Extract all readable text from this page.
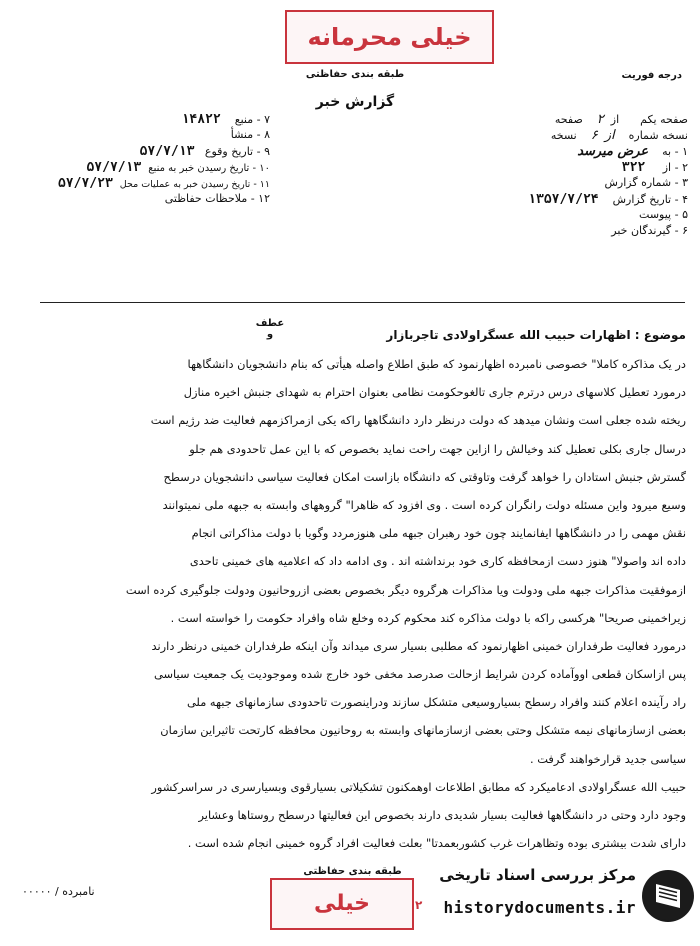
خیلی محرمانه
طبقه بندی حفاظتی	درجه فوریت
گزارش خبر
صفحه یکم      از  ۲    صفحه
نسخه شماره    از  ۶    نسخه
۱ - به    عرض میرسد
۲ - از     ۳۲۲
۳ - شماره گزارش
۴ - تاریخ گزارش    ۱۳۵۷/۷/۲۴
۵ - پیوست
۶ - گیرندگان خبر
۷ - منبع    ۱۴۸۲۲
۸ - منشأ
۹ - تاریخ وقوع   ۵۷/۷/۱۳
۱۰ - تاریخ رسیدن خبر به منبع  ۵۷/۷/۱۳
۱۱ - تاریخ رسیدن خبر به عملیات محل  ۵۷/۷/۲۳
۱۲ - ملاحظات حفاظتی
عطف
و	موضوع : اظهارات حبیب الله عسگراولادی تاجربازار
در یک مذاکره کاملا" خصوصی نامبرده اظهارنمود که طبق اطلاع واصله هیأتی که بنام دانشجویان دانشگاهها
درمورد تعطیل کلاسهای درس درترم جاری تالغوحکومت نظامی بعنوان احترام به شهدای جنبش اخیره منازل
ریخته شده جعلی است ونشان میدهد که دولت درنظر دارد دانشگاهها راکه یکی ازمراکزمهم فعالیت ضد رژیم است
درسال جاری بکلی تعطیل کند وخیالش را ازاین جهت راحت نماید بخصوص که با این عمل تاحدودی هم جلو
گسترش جنبش استادان را خواهد گرفت وتاوقتی که دانشگاه بازاست امکان فعالیت سیاسی دانشجویان درسطح
وسیع میرود واین مسئله دولت رانگران کرده است . وی افزود که ظاهرا" گروههای وابسته به جبهه ملی نمیتوانند
نقش مهمی را در دانشگاهها ایفانمایند چون خود رهبران جبهه ملی هنوزمردد وگویا با دولت مذاکراتی انجام
داده اند واصولا" هنوز دست ازمحافظه کاری خود برنداشته اند . وی ادامه داد که اعلامیه های خمینی تاحدی
ازموفقیت مذاکرات جبهه ملی ودولت ویا مذاکرات هرگروه دیگر بخصوص بعضی ازروحانیون ودولت جلوگیری کرده است
زیراخمینی صریحا" هرکسی راکه با دولت مذاکره کند محکوم کرده وخلع شاه وافراد حکومت را خواسته است .
درمورد فعالیت طرفداران خمینی اظهارنمود که مطلبی بسیار سری میداند وآن اینکه طرفداران خمینی درنظر دارند
پس ازاسکان قطعی اووآماده کردن شرایط ازحالت صدرصد مخفی خود خارج شده وموجودیت یک جمعیت سیاسی
راد رآینده اعلام کنند وافراد رسطح بسیاروسیعی متشکل سازند ودراینصورت تاحدودی سازمانهای جبهه ملی
بعضی ازسازمانهای نیمه متشکل وحتی بعضی ازسازمانهای وابسته به روحانیون محافظه کارتحت تاثیراین سازمان
سیاسی جدید قرارخواهند گرفت .
حبیب الله عسگراولادی ادعامیکرد که مطابق اطلاعات اوهمکنون تشکیلاتی بسیارقوی وبسیارسری در سراسرکشور
وجود دارد وحتی در دانشگاهها فعالیت بسیار شدیدی دارند بخصوص این فعالیتها درسطح روستاها وعشایر
دارای شدت بیشتری بوده وتظاهرات غرب کشوربعمدتا" بعلت فعالیت افراد گروه خمینی انجام شده است .
نامبرده / ۰۰۰۰۰
طبقه بندی حفاظتی
خیلی	۲
مرکز بررسی اسناد تاریخی
historydocuments.ir
